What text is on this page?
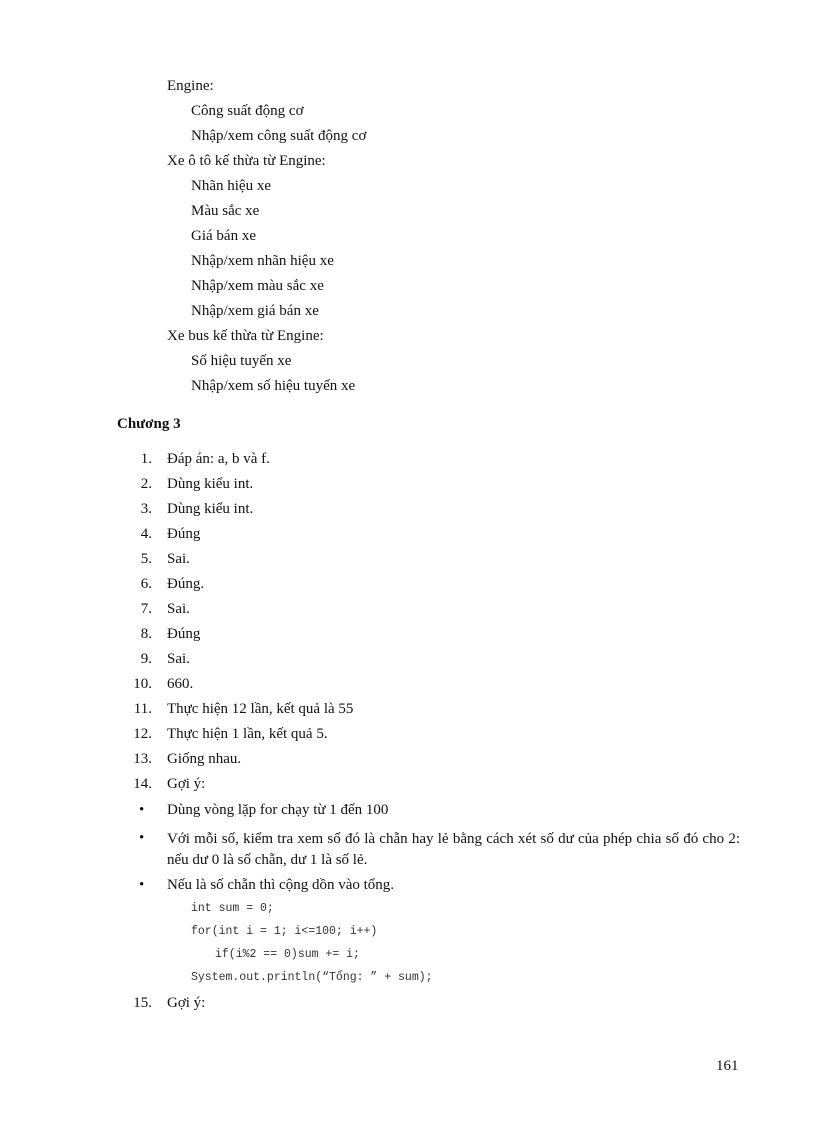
Engine:
Công suất động cơ
Nhập/xem công suất động cơ
Xe ô tô kế thừa từ Engine:
Nhãn hiệu xe
Màu sắc xe
Giá bán xe
Nhập/xem nhãn hiệu xe
Nhập/xem màu sắc xe
Nhập/xem giá bán xe
Xe bus kế thừa từ Engine:
Số hiệu tuyến xe
Nhập/xem số hiệu tuyến xe
Chương 3
1. Đáp án: a, b và f.
2. Dùng kiểu int.
3. Dùng kiểu int.
4. Đúng
5. Sai.
6. Đúng.
7. Sai.
8. Đúng
9. Sai.
10. 660.
11. Thực hiện 12 lần, kết quả là 55
12. Thực hiện 1 lần, kết quả 5.
13. Giống nhau.
14. Gợi ý:
• Dùng vòng lặp for chạy từ 1 đến 100
• Với mỗi số, kiểm tra xem số đó là chẵn hay lẻ bằng cách xét số dư của phép chia số đó cho 2: nếu dư 0 là số chẵn, dư 1 là số lẻ.
• Nếu là số chẵn thì cộng dồn vào tổng.
int sum = 0;
for(int i = 1; i<=100; i++)
if(i%2 == 0)sum += i;
System.out.println(“Tổng: ” + sum);
15. Gợi ý:
161
